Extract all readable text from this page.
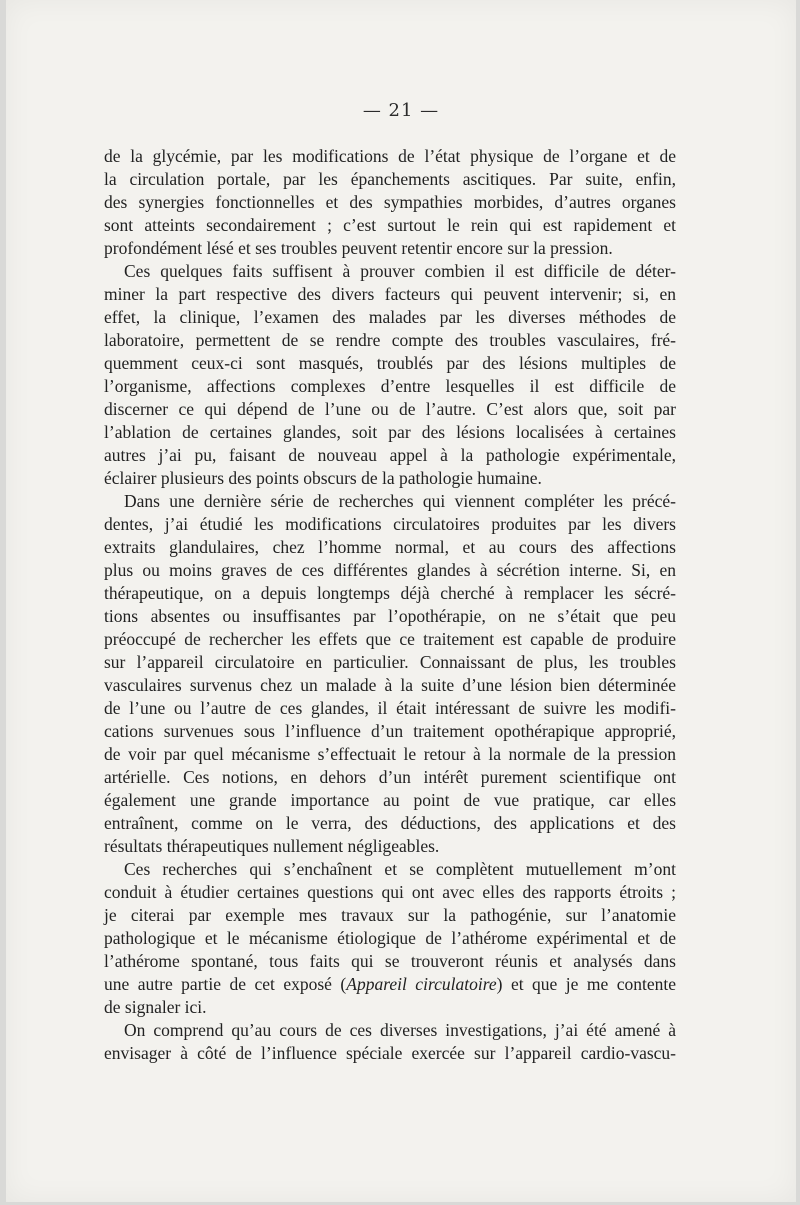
— 21 —
de la glycémie, par les modifications de l’état physique de l’organe et de
la circulation portale, par les épanchements ascitiques. Par suite, enfin,
des synergies fonctionnelles et des sympathies morbides, d’autres organes
sont atteints secondairement ; c’est surtout le rein qui est rapidement et
profondément lésé et ses troubles peuvent retentir encore sur la pression.
Ces quelques faits suffisent à prouver combien il est difficile de déter-
miner la part respective des divers facteurs qui peuvent intervenir; si, en
effet, la clinique, l’examen des malades par les diverses méthodes de
laboratoire, permettent de se rendre compte des troubles vasculaires, fré-
quemment ceux-ci sont masqués, troublés par des lésions multiples de
l’organisme, affections complexes d’entre lesquelles il est difficile de
discerner ce qui dépend de l’une ou de l’autre. C’est alors que, soit par
l’ablation de certaines glandes, soit par des lésions localisées à certaines
autres j’ai pu, faisant de nouveau appel à la pathologie expérimentale,
éclairer plusieurs des points obscurs de la pathologie humaine.
Dans une dernière série de recherches qui viennent compléter les précé-
dentes, j’ai étudié les modifications circulatoires produites par les divers
extraits glandulaires, chez l’homme normal, et au cours des affections
plus ou moins graves de ces différentes glandes à sécrétion interne. Si, en
thérapeutique, on a depuis longtemps déjà cherché à remplacer les sécré-
tions absentes ou insuffisantes par l’opothérapie, on ne s’était que peu
préoccupé de rechercher les effets que ce traitement est capable de produire
sur l’appareil circulatoire en particulier. Connaissant de plus, les troubles
vasculaires survenus chez un malade à la suite d’une lésion bien déterminée
de l’une ou l’autre de ces glandes, il était intéressant de suivre les modifi-
cations survenues sous l’influence d’un traitement opothérapique approprié,
de voir par quel mécanisme s’effectuait le retour à la normale de la pression
artérielle. Ces notions, en dehors d’un intérêt purement scientifique ont
également une grande importance au point de vue pratique, car elles
entraînent, comme on le verra, des déductions, des applications et des
résultats thérapeutiques nullement négligeables.
Ces recherches qui s’enchaînent et se complètent mutuellement m’ont
conduit à étudier certaines questions qui ont avec elles des rapports étroits ;
je citerai par exemple mes travaux sur la pathogénie, sur l’anatomie
pathologique et le mécanisme étiologique de l’athérome expérimental et de
l’athérome spontané, tous faits qui se trouveront réunis et analysés dans
une autre partie de cet exposé (Appareil circulatoire) et que je me contente
de signaler ici.
On comprend qu’au cours de ces diverses investigations, j’ai été amené à
envisager à côté de l’influence spéciale exercée sur l’appareil cardio-vascu-
